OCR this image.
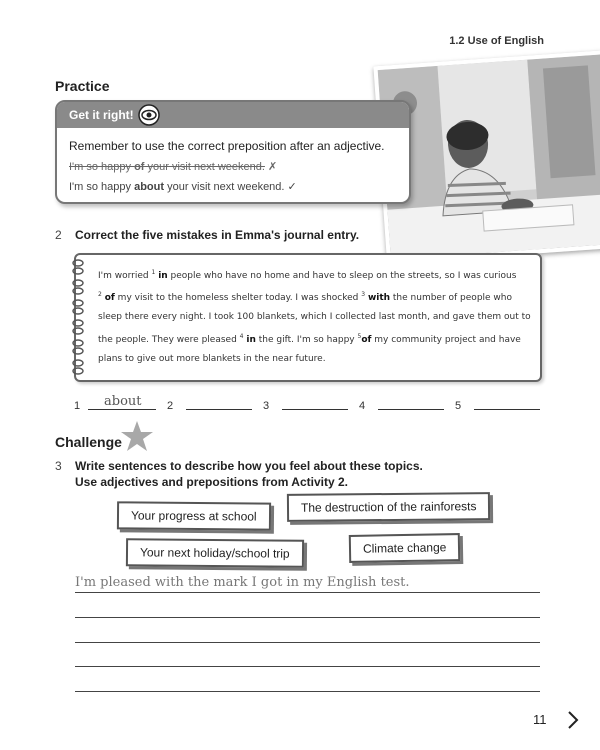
1.2 Use of English
Practice
Get it right!
Remember to use the correct preposition after an adjective.
I'm so happy of your visit next weekend. ✗
I'm so happy about your visit next weekend. ✓
2 Correct the five mistakes in Emma's journal entry.
I'm worried $^1$ in people who have no home and have to sleep on the streets, so I was curious
$^2$ of my visit to the homeless shelter today. I was shocked $^3$ with the number of people who
sleep there every night. I took 100 blankets, which I collected last month, and gave them out to
the people. They were pleased $^4$ in the gift. I'm so happy $^5$of my community project and have
plans to give out more blankets in the near future.
1 about 2	3	4	5
Challenge
3 Write sentences to describe how you feel about these topics.
Use adjectives and prepositions from Activity 2.
Your progress at school
The destruction of the rainforests
Your next holiday/school trip	Climate change
I'm pleased with the mark I got in my English test.
11
